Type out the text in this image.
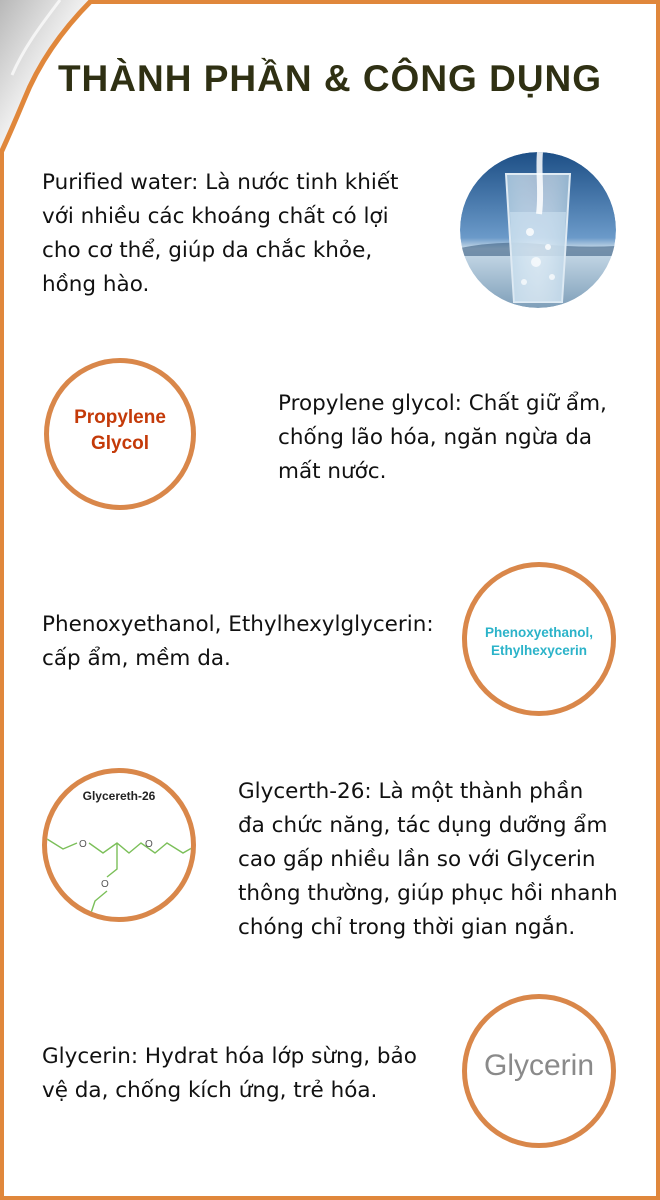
THÀNH PHẦN & CÔNG DỤNG
Purified water: Là nước tinh khiết
với nhiều các khoáng chất có lợi
cho cơ thể, giúp da chắc khỏe,
hồng hào.
Propylene
Glycol
Propylene glycol: Chất giữ ẩm,
chống lão hóa, ngăn ngừa da
mất nước.
Phenoxyethanol, Ethylhexylglycerin:
cấp ẩm, mềm da.
Phenoxyethanol,
Ethylhexycerin
Glycereth-26
O	O
O
Glycerth-26: Là một thành phần
đa chức năng, tác dụng dưỡng ẩm
cao gấp nhiều lần so với Glycerin
thông thường, giúp phục hồi nhanh
chóng chỉ trong thời gian ngắn.
Glycerin: Hydrat hóa lớp sừng, bảo
vệ da, chống kích ứng, trẻ hóa.
Glycerin
